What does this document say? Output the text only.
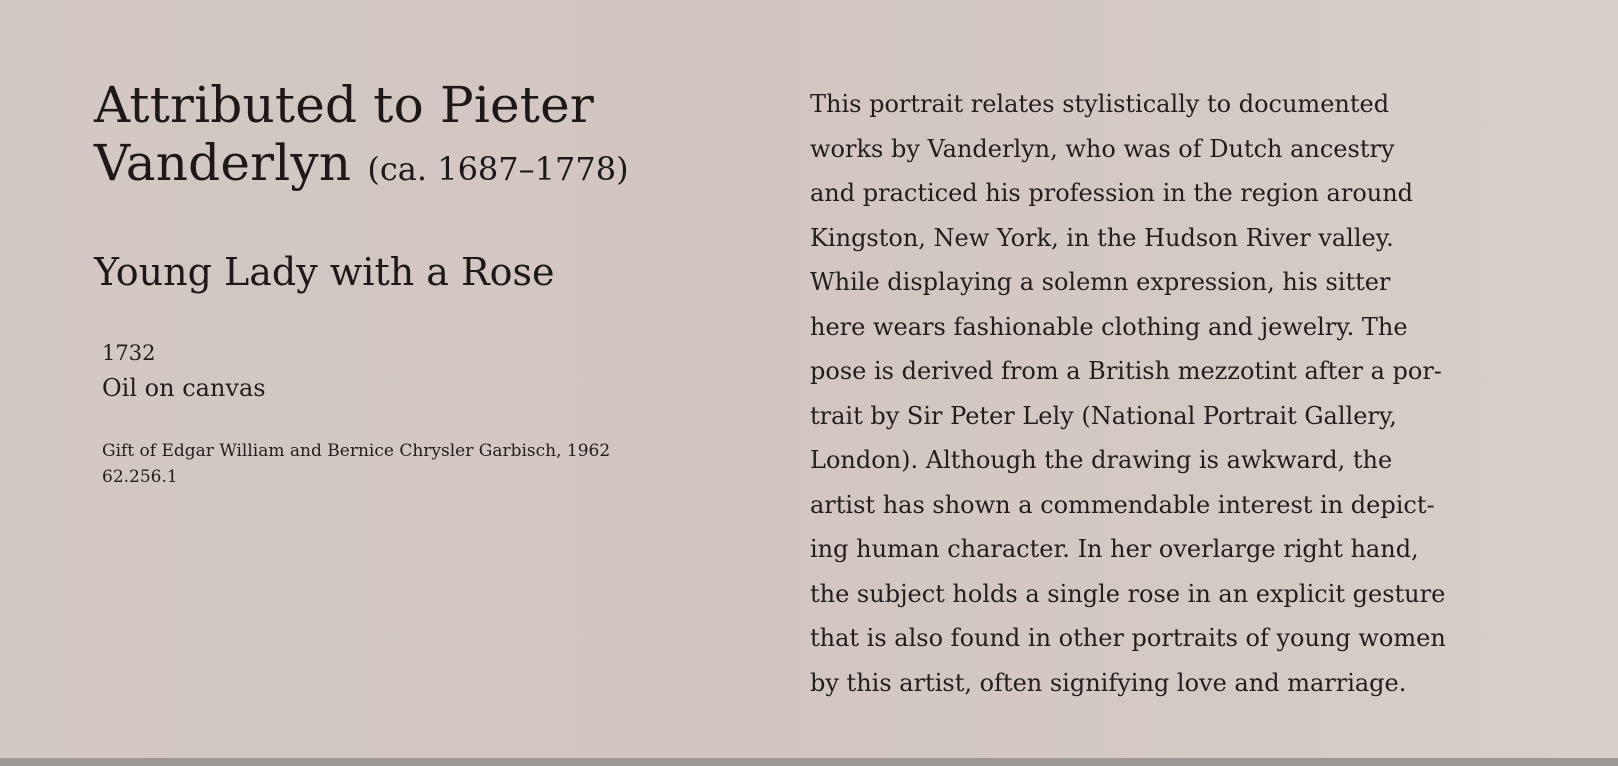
Attributed to Pieter
Vanderlyn (ca. 1687–1778)
Young Lady with a Rose
1732
Oil on canvas
Gift of Edgar William and Bernice Chrysler Garbisch, 1962
62.256.1

This portrait relates stylistically to documented

works by Vanderlyn, who was of Dutch ancestry

and practiced his profession in the region around

Kingston, New York, in the Hudson River valley.

While displaying a solemn expression, his sitter

here wears fashionable clothing and jewelry. The

pose is derived from a British mezzotint after a por-

trait by Sir Peter Lely (National Portrait Gallery,

London). Although the drawing is awkward, the

artist has shown a commendable interest in depict-

ing human character. In her overlarge right hand,

the subject holds a single rose in an explicit gesture

that is also found in other portraits of young women

by this artist, often signifying love and marriage.
